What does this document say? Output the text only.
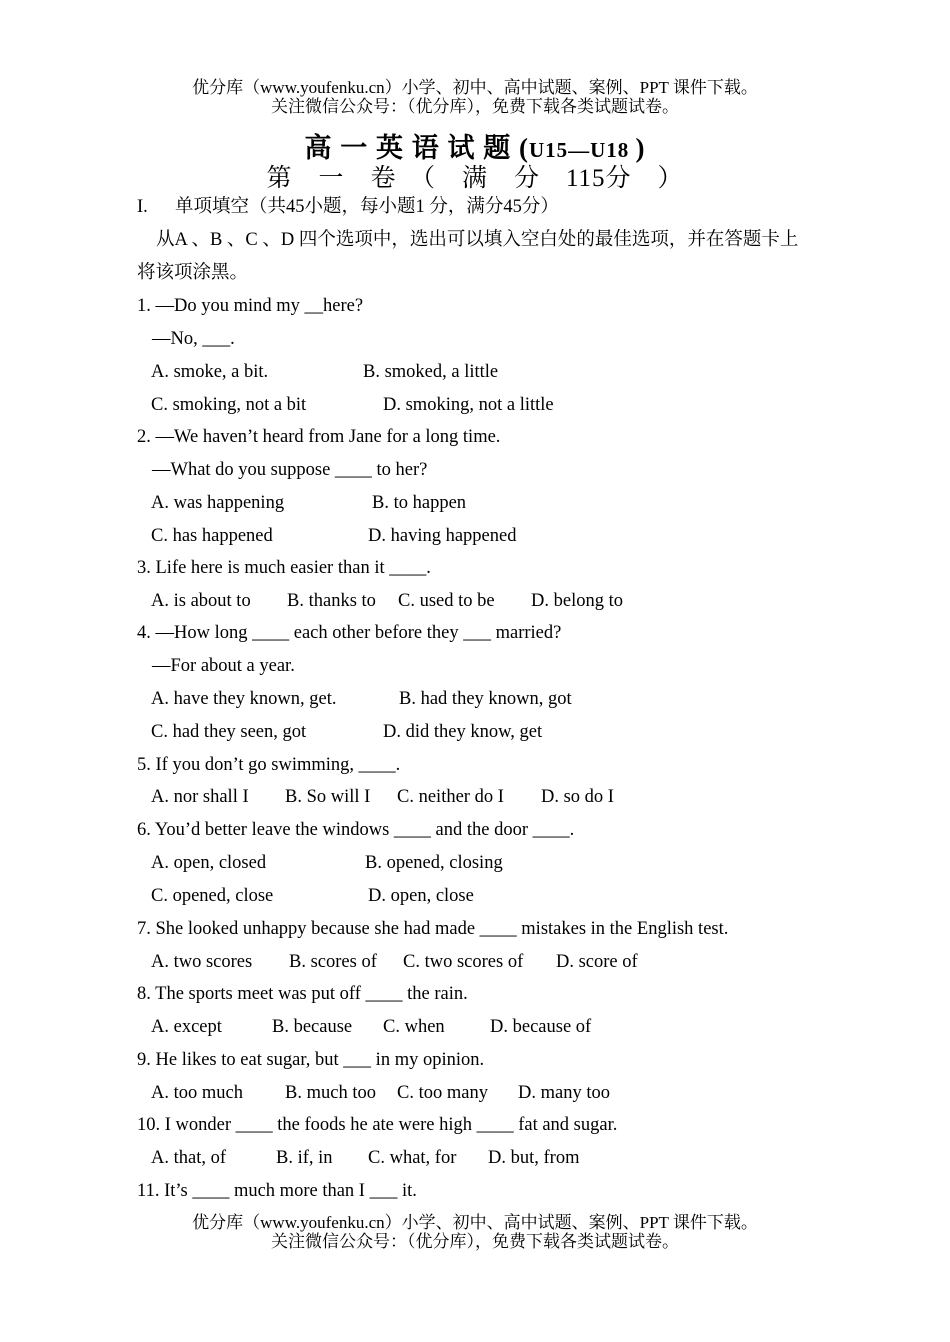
优分库（www.youfenku.cn）小学、初中、高中试题、案例、PPT 课件下载。
关注微信公众号：（优分库），免费下载各类试题试卷。
高 一 英 语 试 题 (U15—U18 )
第　一　卷　（　满　分　115分　）
I. 单项填空（共45小题，每小题1 分，满分45分）
从A 、B 、C 、D 四个选项中，选出可以填入空白处的最佳选项，并在答题卡上
将该项涂黑。
1. —Do you mind my __here?
—No, ___.
A. smoke, a bit.	B. smoked, a little
C. smoking, not a bit	D. smoking, not a little
2. —We haven’t heard from Jane for a long time.
—What do you suppose ____ to her?
A. was happening	B. to happen
C. has happened	D. having happened
3. Life here is much easier than it ____.
A. is about to B. thanks to C. used to be D. belong to
4. —How long ____ each other before they ___ married?
—For about a year.
A. have they known, get.	B. had they known, got
C. had they seen, got	D. did they know, get
5. If you don’t go swimming, ____.
A. nor shall I B. So will I C. neither do I D. so do I
6. You’d better leave the windows ____ and the door ____.
A. open, closed	B. opened, closing
C. opened, close	D. open, close
7. She looked unhappy because she had made ____ mistakes in the English test.
A. two scores B. scores of C. two scores of D. score of
8. The sports meet was put off ____ the rain.
A. except	B. because C. when D. because of
9. He likes to eat sugar, but ___ in my opinion.
A. too much B. much too C. too many D. many too
10. I wonder ____ the foods he ate were high ____ fat and sugar.
A. that, of	B. if, in C. what, for D. but, from
11. It’s ____ much more than I ___ it.
优分库（www.youfenku.cn）小学、初中、高中试题、案例、PPT 课件下载。
关注微信公众号：（优分库），免费下载各类试题试卷。
